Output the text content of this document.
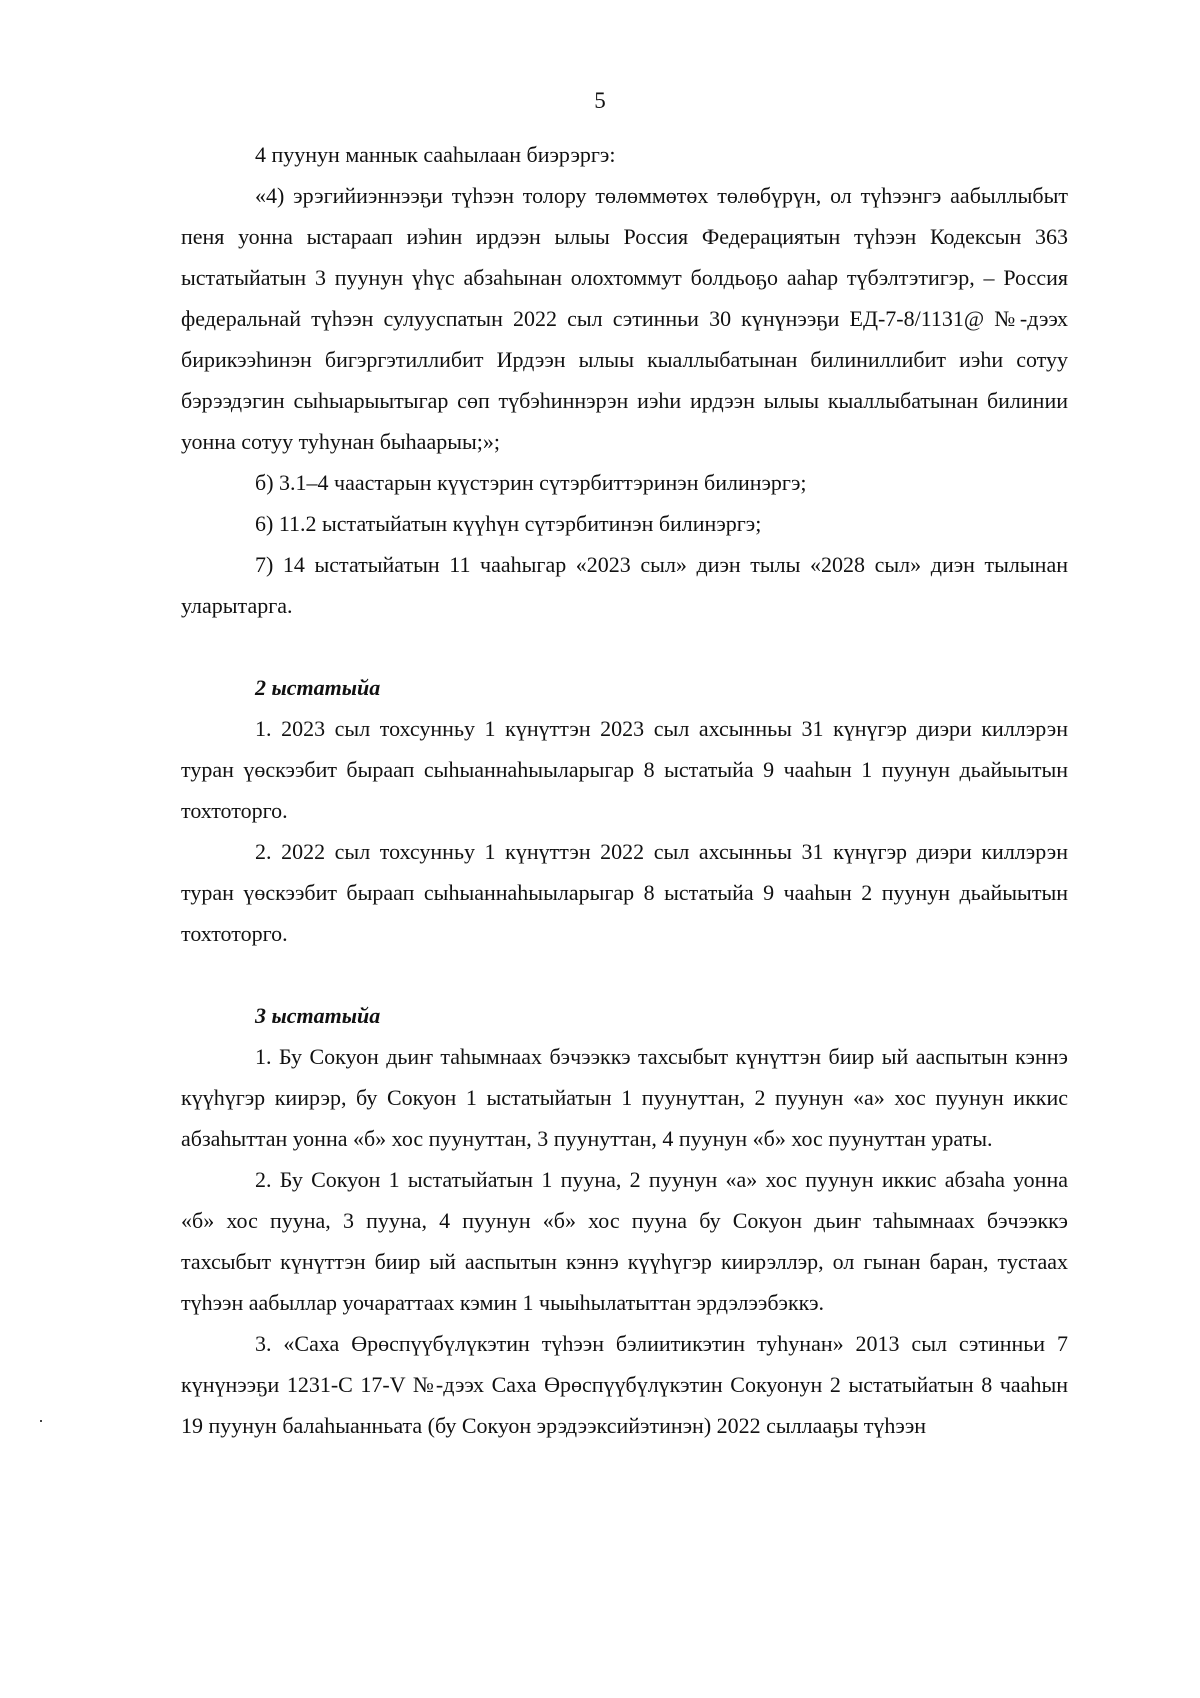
5

4 пуунун маннык сааһылаан биэрэргэ:

«4) эрэгийиэннээҕи түһээн толору төлөммөтөх төлөбүрүн, ол түһээнгэ аабыллыбыт пеня уонна ыстараап иэһин ирдээн ылыы Россия Федерациятын түһээн Кодексын 363 ыстатыйатын 3 пуунун үһүс абзаһынан олохтоммут болдьоҕо ааһар түбэлтэтигэр, – Россия федеральнай түһээн сулууспатын 2022 сыл сэтинньи 30 күнүнээҕи ЕД-7-8/1131@ №-дээх бирикээһинэн бигэргэтиллибит Ирдээн ылыы кыаллыбатынан билиниллибит иэһи сотуу бэрээдэгин сыһыарыытыгар сөп түбэһиннэрэн иэһи ирдээн ылыы кыаллыбатынан билинии уонна сотуу туһунан быһаарыы;»;

б) 3.1–4 чаастарын күүстэрин сүтэрбиттэринэн билинэргэ;

6) 11.2 ыстатыйатын күүһүн сүтэрбитинэн билинэргэ;

7) 14 ыстатыйатын 11 чааһыгар «2023 сыл» диэн тылы «2028 сыл» диэн тылынан уларытарга.

2 ыстатыйа

1. 2023 сыл тохсунньу 1 күнүттэн 2023 сыл ахсынньы 31 күнүгэр диэри киллэрэн туран үөскээбит быраап сыһыаннаһыыларыгар 8 ыстатыйа 9 чааһын 1 пуунун дьайыытын тохтоторго.

2. 2022 сыл тохсунньу 1 күнүттэн 2022 сыл ахсынньы 31 күнүгэр диэри киллэрэн туран үөскээбит быраап сыһыаннаһыыларыгар 8 ыстатыйа 9 чааһын 2 пуунун дьайыытын тохтоторго.

3 ыстатыйа

1. Бу Сокуон дьиҥ таһымнаах бэчээккэ тахсыбыт күнүттэн биир ый ааспытын кэннэ күүһүгэр киирэр, бу Сокуон 1 ыстатыйатын 1 пуунуттан, 2 пуунун «а» хос пуунун иккис абзаһыттан уонна «б» хос пуунуттан, 3 пуунуттан, 4 пуунун «б» хос пуунуттан ураты.

2. Бу Сокуон 1 ыстатыйатын 1 пууна, 2 пуунун «а» хос пуунун иккис абзаһа уонна «б» хос пууна, 3 пууна, 4 пуунун «б» хос пууна бу Сокуон дьиҥ таһымнаах бэчээккэ тахсыбыт күнүттэн биир ый ааспытын кэннэ күүһүгэр киирэллэр, ол гынан баран, тустаах түһээн аабыллар уочараттаах кэмин 1 чыыһылатыттан эрдэлээбэккэ.

3. «Саха Өрөспүүбүлүкэтин түһээн бэлиитикэтин туһунан» 2013 сыл сэтинньи 7 күнүнээҕи 1231-С 17-V №-дээх Саха Өрөспүүбүлүкэтин Сокуонун 2 ыстатыйатын 8 чааһын 19 пуунун балаһыанньата (бу Сокуон эрэдээксийэтинэн) 2022 сыллааҕы түһээн
